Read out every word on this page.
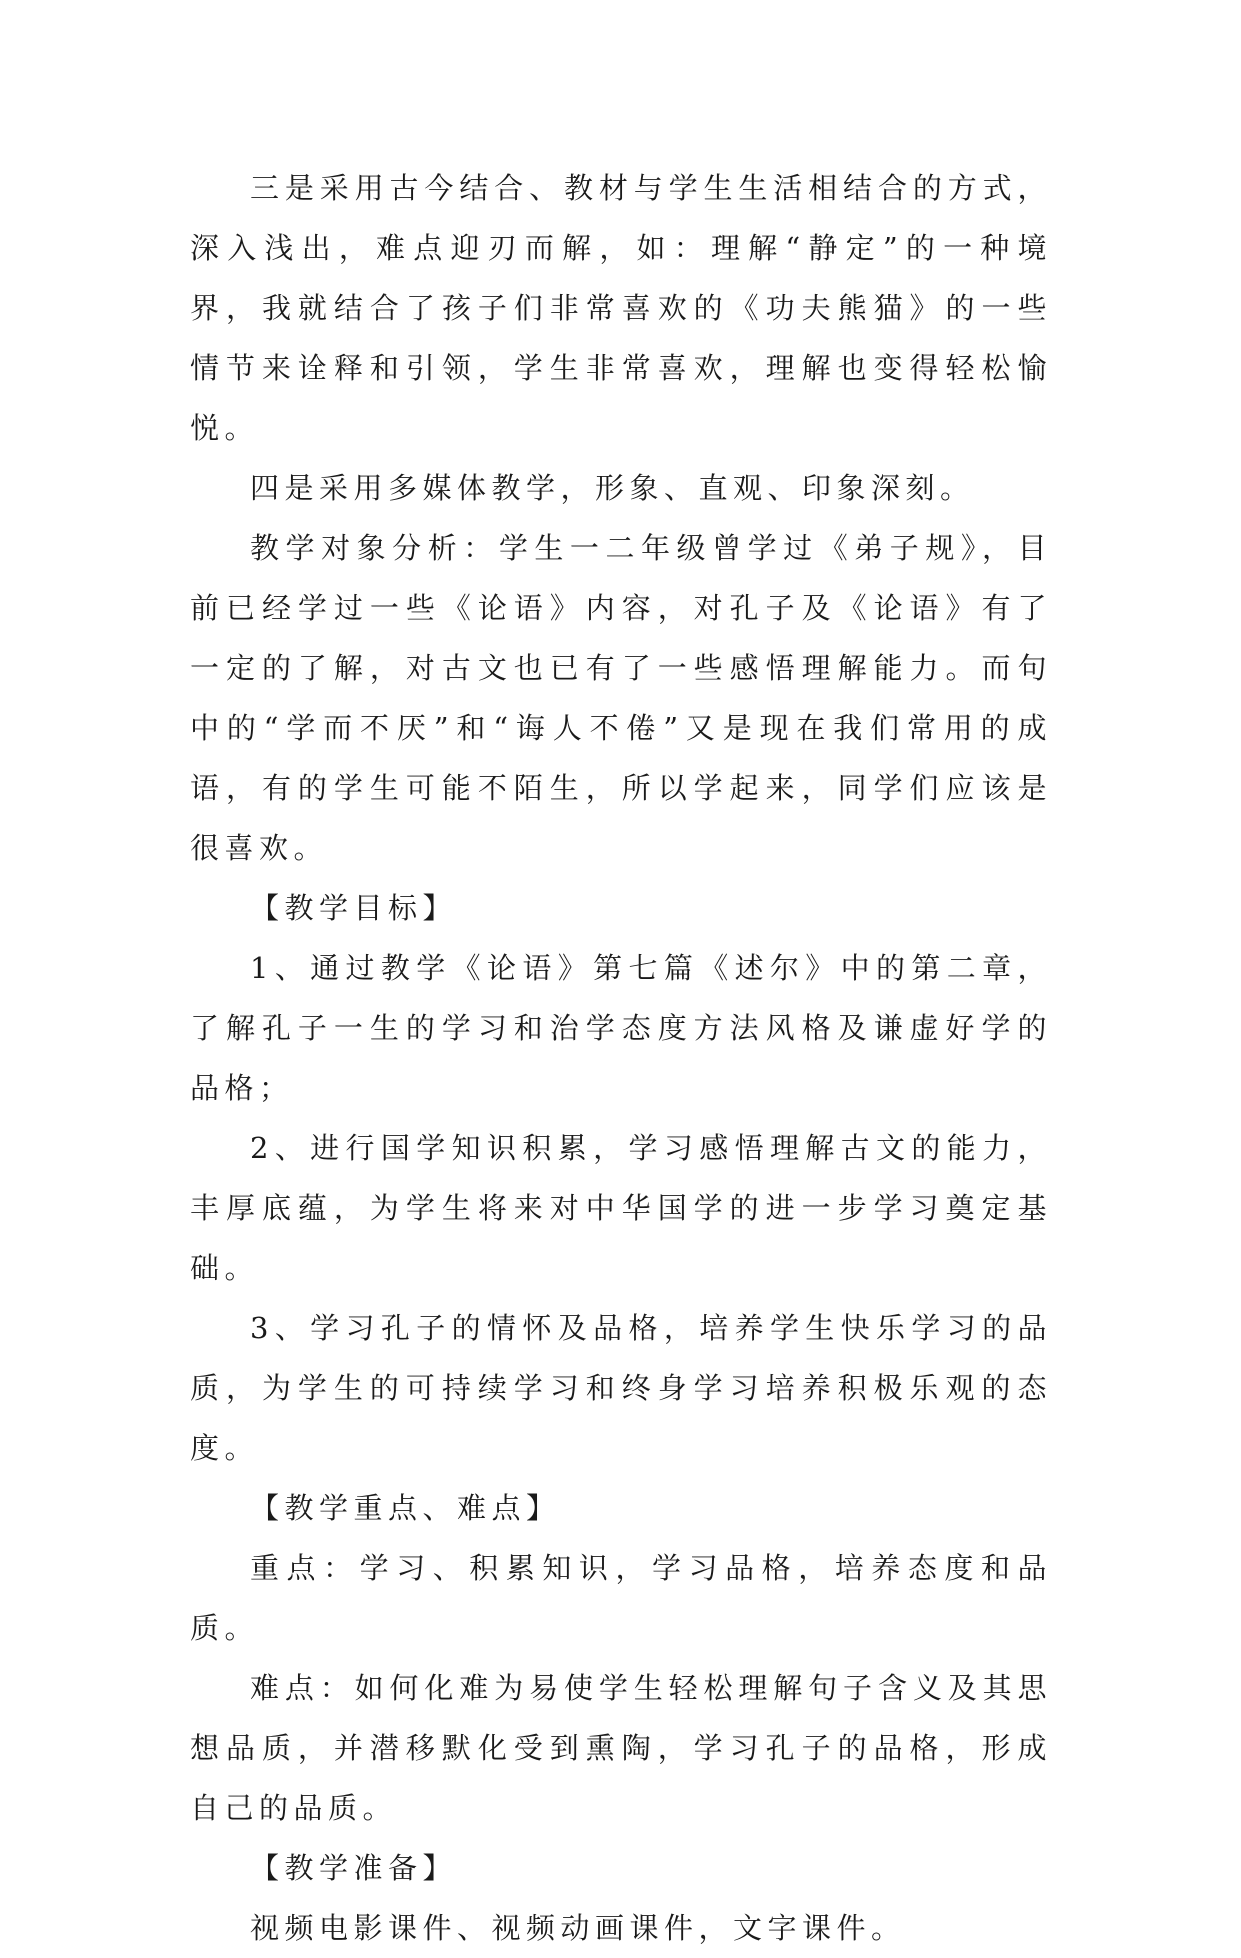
三是采用古今结合、教材与学生生活相结合的方式，深入浅出，难点迎刃而解，如：理解“静定”的一种境界，我就结合了孩子们非常喜欢的《功夫熊猫》的一些情节来诠释和引领，学生非常喜欢，理解也变得轻松愉悦。

四是采用多媒体教学，形象、直观、印象深刻。

教学对象分析：学生一二年级曾学过《弟子规》，目前已经学过一些《论语》内容，对孔子及《论语》有了一定的了解，对古文也已有了一些感悟理解能力。而句中的“学而不厌”和“诲人不倦”又是现在我们常用的成语，有的学生可能不陌生，所以学起来，同学们应该是很喜欢。

【教学目标】

1、通过教学《论语》第七篇《述尔》中的第二章，了解孔子一生的学习和治学态度方法风格及谦虚好学的品格；

2、进行国学知识积累，学习感悟理解古文的能力，丰厚底蕴，为学生将来对中华国学的进一步学习奠定基础。

3、学习孔子的情怀及品格，培养学生快乐学习的品质，为学生的可持续学习和终身学习培养积极乐观的态度。

【教学重点、难点】

重点：学习、积累知识，学习品格，培养态度和品质。

难点：如何化难为易使学生轻松理解句子含义及其思想品质，并潜移默化受到熏陶，学习孔子的品格，形成自己的品质。

【教学准备】

视频电影课件、视频动画课件，文字课件。
